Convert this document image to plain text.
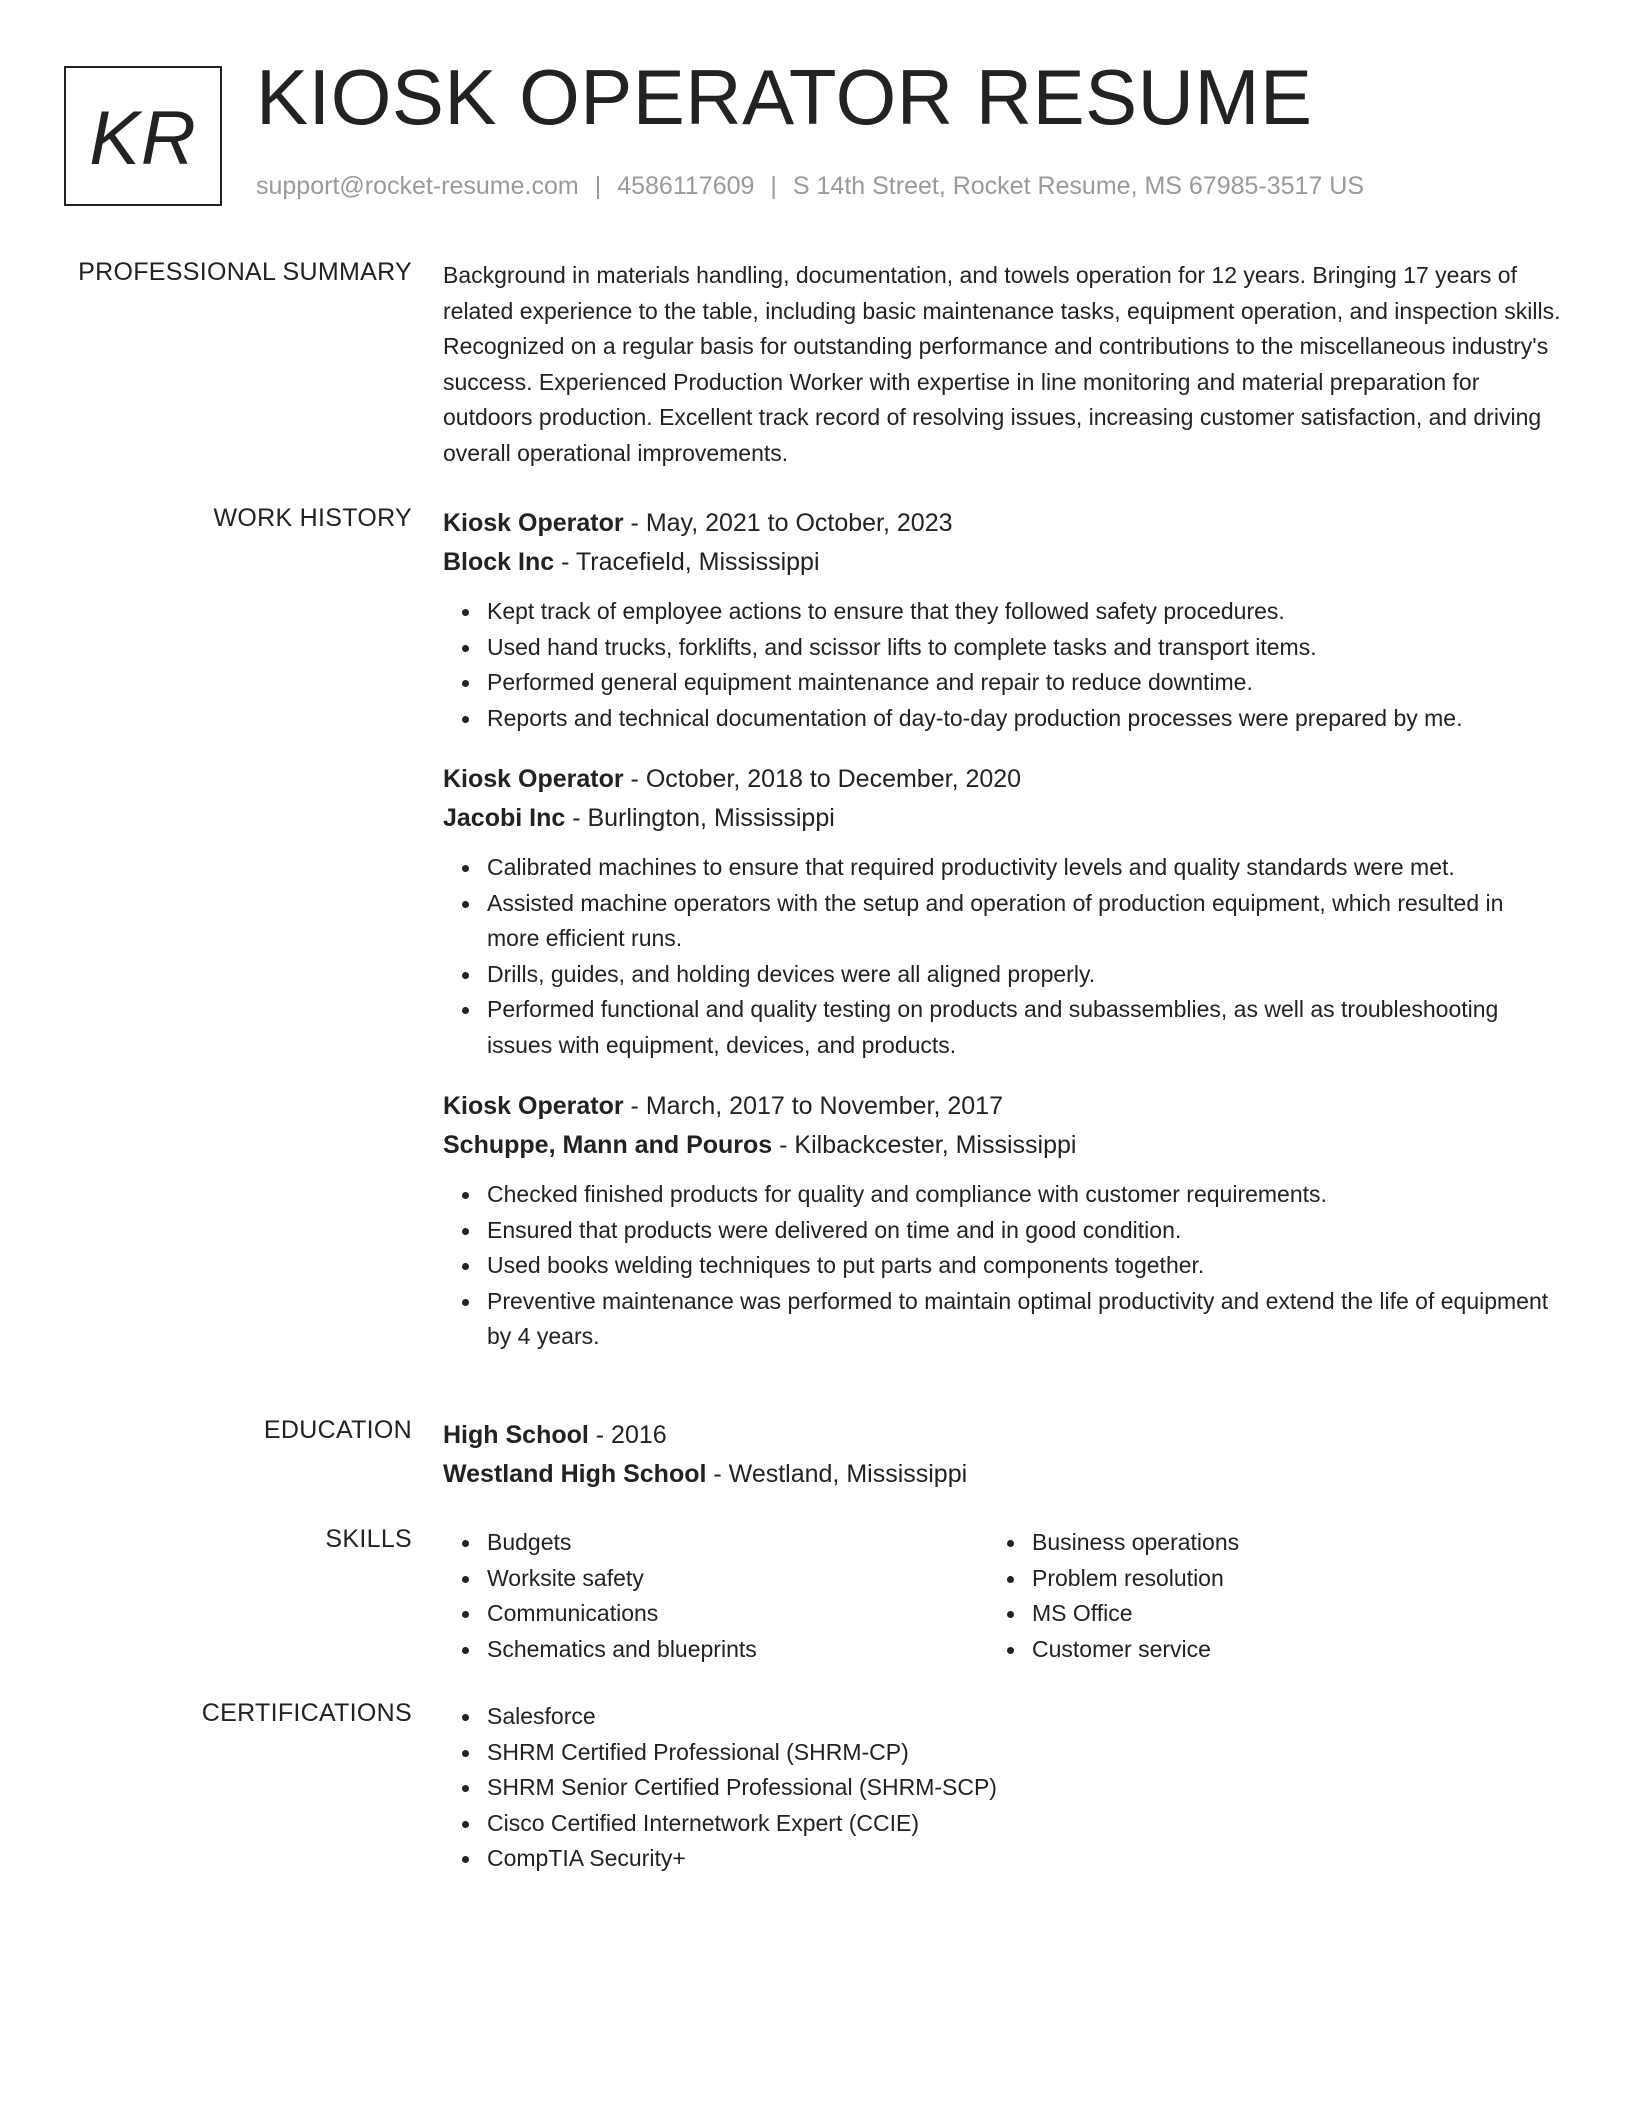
KR KIOSK OPERATOR RESUME
support@rocket-resume.com | 4586117609 | S 14th Street, Rocket Resume, MS 67985-3517 US
PROFESSIONAL SUMMARY Background in materials handling, documentation, and towels operation for 12 years. Bringing 17 years of related experience to the table, including basic maintenance tasks, equipment operation, and inspection skills. Recognized on a regular basis for outstanding performance and contributions to the miscellaneous industry's success. Experienced Production Worker with expertise in line monitoring and material preparation for outdoors production. Excellent track record of resolving issues, increasing customer satisfaction, and driving overall operational improvements.

WORK HISTORY Kiosk Operator - May, 2021 to October, 2023
Block Inc - Tracefield, Mississippi
Kept track of employee actions to ensure that they followed safety procedures.
Used hand trucks, forklifts, and scissor lifts to complete tasks and transport items.
Performed general equipment maintenance and repair to reduce downtime.
Reports and technical documentation of day-to-day production processes were prepared by me.
Kiosk Operator - October, 2018 to December, 2020
Jacobi Inc - Burlington, Mississippi
Calibrated machines to ensure that required productivity levels and quality standards were met.
Assisted machine operators with the setup and operation of production equipment, which resulted in more efficient runs.
Drills, guides, and holding devices were all aligned properly.
Performed functional and quality testing on products and subassemblies, as well as troubleshooting issues with equipment, devices, and products.
Kiosk Operator - March, 2017 to November, 2017
Schuppe, Mann and Pouros - Kilbackcester, Mississippi
Checked finished products for quality and compliance with customer requirements.
Ensured that products were delivered on time and in good condition.
Used books welding techniques to put parts and components together.
Preventive maintenance was performed to maintain optimal productivity and extend the life of equipment by 4 years.
EDUCATION High School - 2016
Westland High School - Westland, Mississippi
SKILLS	Budgets
Worksite safety
Communications
Schematics and blueprints
Business operations
Problem resolution
MS Office
Customer service
CERTIFICATIONS	Salesforce
SHRM Certified Professional (SHRM-CP)
SHRM Senior Certified Professional (SHRM-SCP)
Cisco Certified Internetwork Expert (CCIE)
CompTIA Security+
